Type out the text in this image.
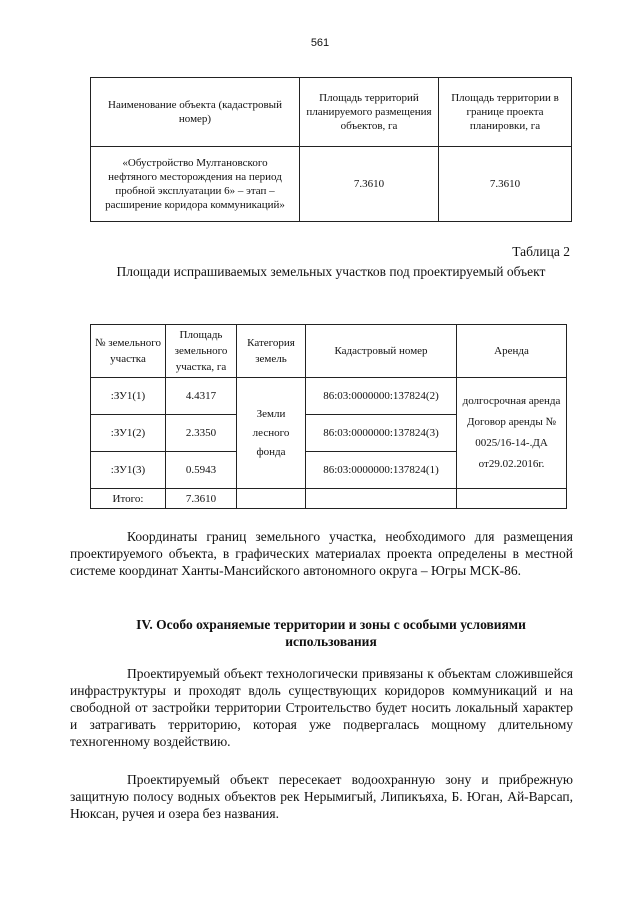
561
Наименование объекта (кадастровый номер)	Площадь территорий планируемого размещения объектов, га	Площадь территории в границе проекта планировки, га
«Обустройство Мултановского нефтяного месторождения на период пробной эксплуатации 6» – этап – расширение коридора коммуникаций»	7.3610	7.3610
Таблица 2
Площади испрашиваемых земельных участков под проектируемый объект
№ земельного участка	Площадь земельного участка, га	Категория земель	Кадастровый номер	Аренда
:ЗУ1(1)	4.4317	Земли лесного фонда	86:03:0000000:137824(2)	долгосрочная аренда Договор аренды № 0025/16-14-.ДА от29.02.2016г.
:ЗУ1(2)	2.3350		86:03:0000000:137824(3)	
:ЗУ1(3)	0.5943		86:03:0000000:137824(1)	
Итого:	7.3610			

Координаты границ земельного участка, необходимого для размещения проектируемого объекта, в графических материалах проекта определены в местной системе координат Ханты-Мансийского автономного округа – Югры МСК-86.

IV. Особо охраняемые территории и зоны с особыми условиями использования

Проектируемый объект технологически привязаны к объектам сложившейся инфраструктуры и проходят вдоль существующих коридоров коммуникаций и на свободной от застройки территории Строительство будет носить локальный характер и затрагивать территорию, которая уже подвергалась мощному длительному техногенному воздействию.

Проектируемый объект пересекает водоохранную зону и прибрежную защитную полосу водных объектов рек Нерымигый, Липикъяха, Б. Юган, Ай-Варсап, Нюксан, ручея и озера без названия.
